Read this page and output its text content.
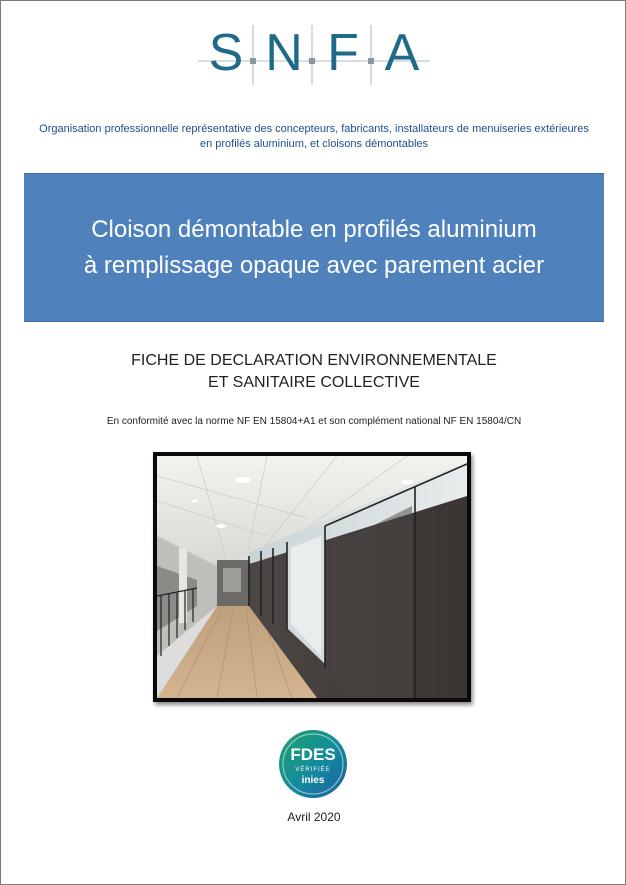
S N F A
Organisation professionnelle représentative des concepteurs, fabricants, installateurs de menuiseries extérieures
en profilés aluminium, et cloisons démontables
Cloison démontable en profilés aluminium
à remplissage opaque avec parement acier
FICHE DE DECLARATION ENVIRONNEMENTALE
ET SANITAIRE COLLECTIVE
En conformité avec la norme NF EN 15804+A1 et son complément national NF EN 15804/CN
FDES
VÉRIFIÉE
inies
Avril 2020
